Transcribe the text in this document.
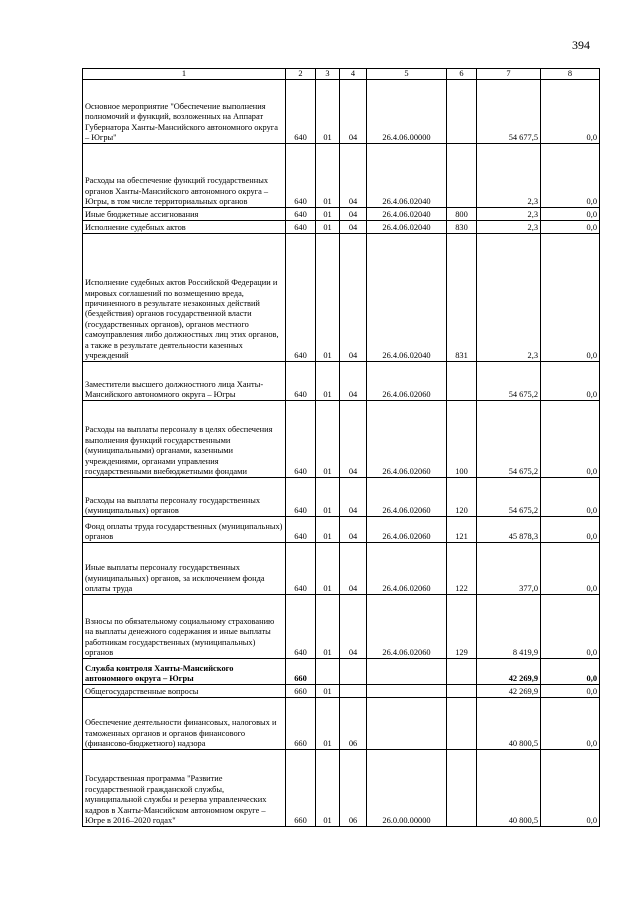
394
1	2	3	4	5	6	7	8
Основное мероприятие "Обеспечение выполнения полномочий и функций, возложенных на Аппарат Губернатора Ханты-Мансийского автономного округа – Югры"	640	01	04	26.4.06.00000		54 677,5	0,0
Расходы на обеспечение функций государственных органов Ханты-Мансийского автономного округа – Югры, в том числе территориальных органов	640	01	04	26.4.06.02040		2,3	0,0
Иные бюджетные ассигнования	640	01	04	26.4.06.02040	800	2,3	0,0
Исполнение судебных актов	640	01	04	26.4.06.02040	830	2,3	0,0
Исполнение судебных актов Российской Федерации и мировых соглашений по возмещению вреда, причиненного в результате незаконных действий (бездействия) органов государственной власти (государственных органов), органов местного самоуправления либо должностных лиц этих органов, а также в результате деятельности казенных учреждений	640	01	04	26.4.06.02040	831	2,3	0,0
Заместители высшего должностного лица Ханты-Мансийского автономного округа – Югры	640	01	04	26.4.06.02060		54 675,2	0,0
Расходы на выплаты персоналу в целях обеспечения выполнения функций государственными (муниципальными) органами, казенными учреждениями, органами управления государственными внебюджетными фондами	640	01	04	26.4.06.02060	100	54 675,2	0,0
Расходы на выплаты персоналу государственных (муниципальных) органов	640	01	04	26.4.06.02060	120	54 675,2	0,0
Фонд оплаты труда государственных (муниципальных) органов	640	01	04	26.4.06.02060	121	45 878,3	0,0
Иные выплаты персоналу государственных (муниципальных) органов, за исключением фонда оплаты труда	640	01	04	26.4.06.02060	122	377,0	0,0
Взносы по обязательному социальному страхованию на выплаты денежного содержания и иные выплаты работникам государственных (муниципальных) органов	640	01	04	26.4.06.02060	129	8 419,9	0,0
Служба контроля Ханты-Мансийского автономного округа – Югры	660					42 269,9	0,0
Общегосударственные вопросы	660	01				42 269,9	0,0
Обеспечение деятельности финансовых, налоговых и таможенных органов и органов финансового (финансово-бюджетного) надзора	660	01	06			40 800,5	0,0
Государственная программа "Развитие государственной гражданской службы, муниципальной службы и резерва управленческих кадров в Ханты-Мансийском автономном округе – Югре в 2016–2020 годах"	660	01	06	26.0.00.00000		40 800,5	0,0
